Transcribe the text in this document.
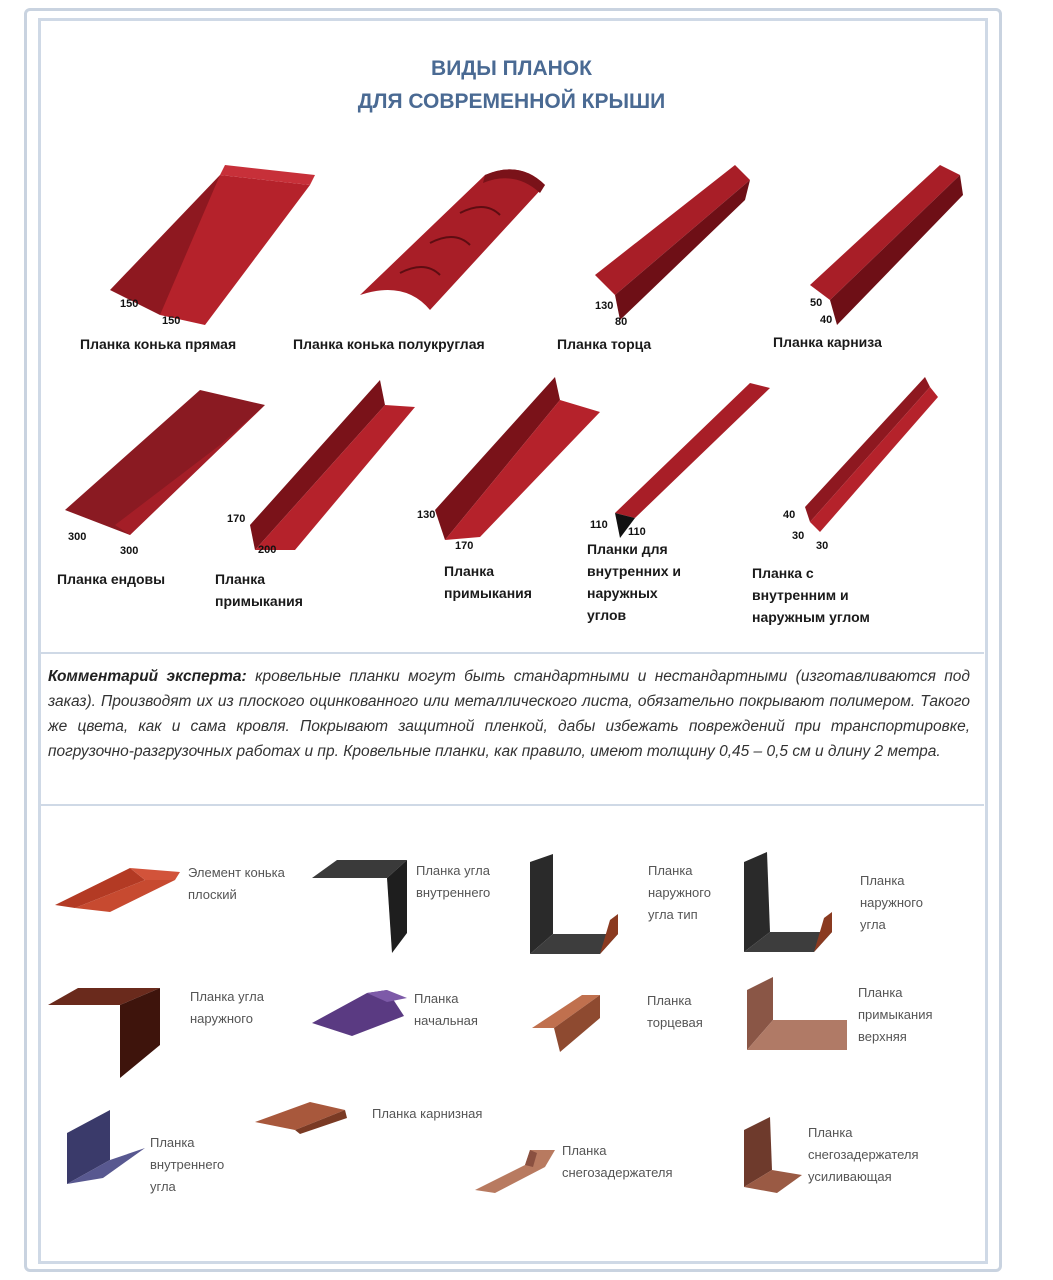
ВИДЫ ПЛАНОК
ДЛЯ СОВРЕМЕННОЙ КРЫШИ
150
150
Планка конька прямая	Планка конька полукруглая
130
80
Планка торца
50
40
Планка карниза
300
300
Планка ендовы
170
200
Планка
примыкания
130
170
Планка
примыкания
110
110
Планки для
внутренних и
наружных
углов
40
30
30
Планка с
внутренним и
наружным углом
Комментарий эксперта: кровельные планки могут быть стандартными и нестандартными (изготавливаются под заказ). Производят их из плоского оцинкованного или металлического листа, обязательно покрывают полимером. Такого же цвета, как и сама кровля. Покрывают защитной пленкой, дабы избежать повреждений при транспортировке, погрузочно-разгрузочных работах и пр. Кровельные планки, как правило, имеют толщину 0,45 – 0,5 см и длину 2 метра.
Элемент конька
плоский
Планка угла
внутреннего
Планка
наружного
угла тип
Планка
наружного
угла
Планка угла
наружного
Планка
начальная
Планка
торцевая
Планка
примыкания
верхняя
Планка
внутреннего
угла
Планка карнизная
Планка
снегозадержателя
Планка
снегозадержателя
усиливающая
